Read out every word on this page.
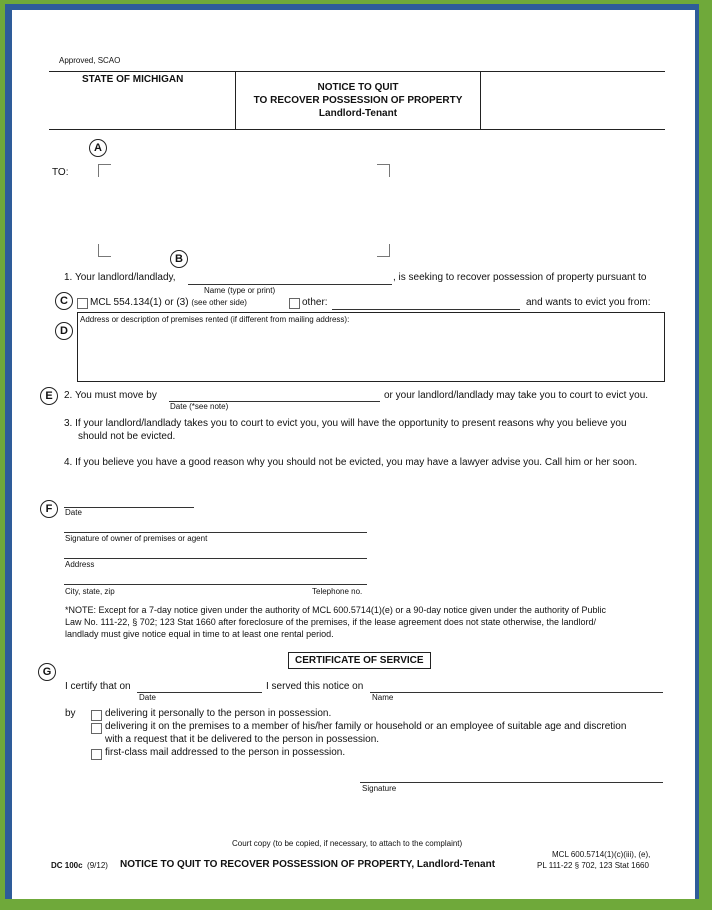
Approved, SCAO
STATE OF MICHIGAN
NOTICE TO QUIT
TO RECOVER POSSESSION OF PROPERTY
Landlord-Tenant
A
TO:
B
1. Your landlord/landlady,
Name (type or print)
, is seeking to recover possession of property pursuant to
C	MCL 554.134(1) or (3) (see other side)	other:	and wants to evict you from:
D
Address or description of premises rented (if different from mailing address):
E	2. You must move by
Date (*see note)
or your landlord/landlady may take you to court to evict you.
3. If your landlord/landlady takes you to court to evict you, you will have the opportunity to present reasons why you believe you
should not be evicted.
4. If you believe you have a good reason why you should not be evicted, you may have a lawyer advise you. Call him or her soon.
F	Date
Signature of owner of premises or agent
Address
City, state, zip	Telephone no.
*NOTE: Except for a 7-day notice given under the authority of MCL 600.5714(1)(e) or a 90-day notice given under the authority of Public
Law No. 111-22, § 702; 123 Stat 1660 after foreclosure of the premises, if the lease agreement does not state otherwise, the landlord/
landlady must give notice equal in time to at least one rental period.
CERTIFICATE OF SERVICE
G
I certify that on
Date
I served this notice on
Name
by	delivering it personally to the person in possession.
delivering it on the premises to a member of his/her family or household or an employee of suitable age and discretion
with a request that it be delivered to the person in possession.
first-class mail addressed to the person in possession.
Signature
Court copy (to be copied, if necessary, to attach to the complaint)
DC 100c (9/12) NOTICE TO QUIT TO RECOVER POSSESSION OF PROPERTY, Landlord-Tenant
MCL 600.5714(1)(c)(iii), (e),
PL 111-22 § 702, 123 Stat 1660
